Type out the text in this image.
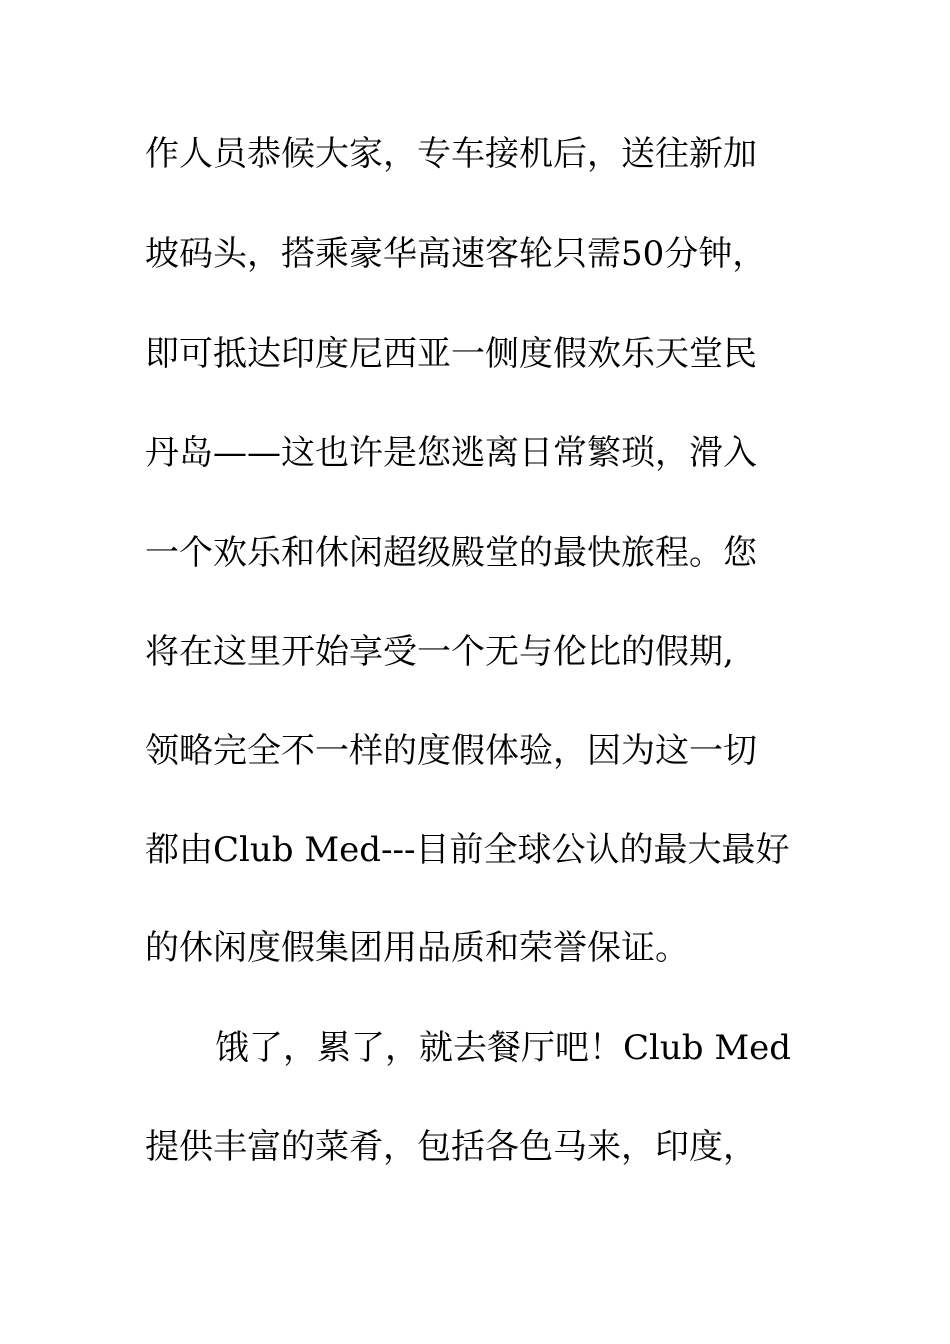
作人员恭候大家，专车接机后，送往新加
坡码头，搭乘豪华高速客轮只需50分钟，
即可抵达印度尼西亚一侧度假欢乐天堂民
丹岛——这也许是您逃离日常繁琐，滑入
一个欢乐和休闲超级殿堂的最快旅程。您
将在这里开始享受一个无与伦比的假期,
领略完全不一样的度假体验，因为这一切
都由Club Med---目前全球公认的最大最好
的休闲度假集团用品质和荣誉保证。
饿了，累了，就去餐厅吧！Club Med
提供丰富的菜肴，包括各色马来，印度，
